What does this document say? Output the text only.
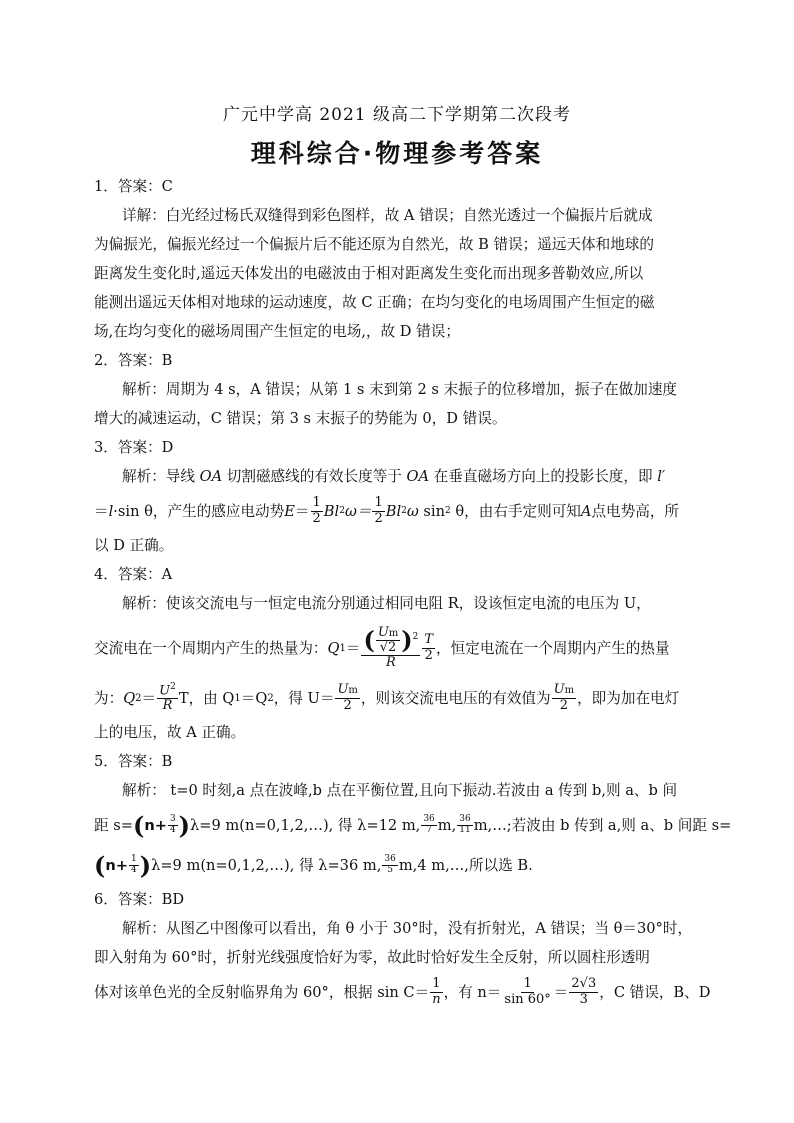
广元中学高 2021 级高二下学期第二次段考
理科综合·物理参考答案
1．答案：C
详解：白光经过杨氏双缝得到彩色图样，故 A 错误；自然光透过一个偏振片后就成
为偏振光，偏振光经过一个偏振片后不能还原为自然光，故 B 错误；遥远天体和地球的
距离发生变化时,遥远天体发出的电磁波由于相对距离发生变化而出现多普勒效应,所以
能测出遥远天体相对地球的运动速度，故 C 正确；在均匀变化的电场周围产生恒定的磁
场,在均匀变化的磁场周围产生恒定的电场,，故 D 错误；
2．答案：B
解析：周期为 4 s，A 错误；从第 1 s 末到第 2 s 末振子的位移增加，振子在做加速度
增大的减速运动，C 错误；第 3 s 末振子的势能为 0，D 错误。
3．答案：D
解析：导线 OA 切割磁感线的有效长度等于 OA 在垂直磁场方向上的投影长度，即 l′
＝ l ·sin θ，产生的感应电动势 $E = \frac{1}{2}$ Bl 2 $\omega= \frac{1}{2}$ Bl 2 ω
sin 2
θ，由右手定则可知 A 点电势高，所
以 D 正确。
4．答案：A
解析：使该交流电与一恒定电流分别通过相同电阻 R，设该恒定电流的电压为 U，
交流电在一个周期内产生的热量为： Q $1 = \frac{( \frac{Um}{√2} )^2}{R} \frac{T}{2}$ ，恒定电流在一个周期内产生的热量
为： Q $2 = \frac{U^2}{R}$ T，由 Q 1 ＝Q 2 ，得 $U= \frac{Um}{2}$ ，则该交流电电压的有效值为 $\frac{Um}{2}$ ，即为加在电灯
上的电压，故 A 正确。
5．答案：B
解析： t=0 时刻,a 点在波峰,b 点在平衡位置,且向下振动.若波由 a 传到 b,则 a、b 间
距 s= ( $n + \frac{3}{4}$ ) λ=9 m(n=0,1,2,…), 得 λ=12 m, $\frac{36}{7} m$, $\frac{36}{11}$ m,…;若波由 b 传到 a,则 a、b 间距 s=
( $n + \frac{1}{4}$ ) λ=9 m(n=0,1,2,…), 得 λ=36 m, $\frac{36}{5} m,4$ m,…,所以选 B.
6．答案：BD
解析：从图乙中图像可以看出，角 θ 小于 30°时，没有折射光，A 错误；当 θ＝30°时，
即入射角为 60°时，折射光线强度恰好为零，故此时恰好发生全反射，所以圆柱形透明
体对该单色光的全反射临界角为 60°，根据 $\sin C= \frac{1}{n}$ ，有 $n= \frac{1}{\sin 60^\circ} = \frac{2√3}{3}$ ，C 错误，B、D
